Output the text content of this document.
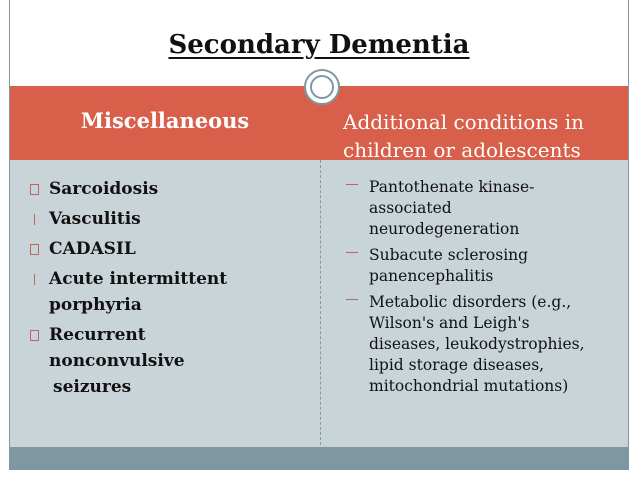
Secondary Dementia
Miscellaneous	Additional conditions in children or adolescents
Sarcoidosis
Vasculitis
CADASIL
Acute intermittent
porphyria
Recurrent
nonconvulsive
seizures
Pantothenate kinase-
associated
neurodegeneration
Subacute sclerosing
panencephalitis
Metabolic disorders (e.g.,
Wilson's and Leigh's
diseases, leukodystrophies,
lipid storage diseases,
mitochondrial mutations)
